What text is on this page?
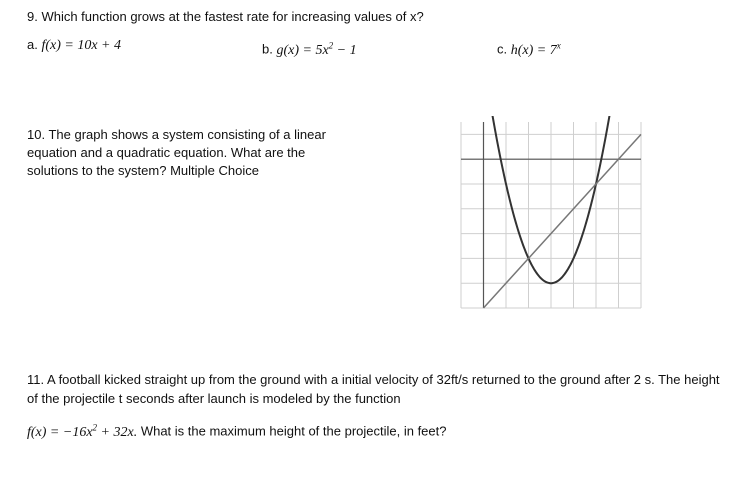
9. Which function grows at the fastest rate for increasing values of x?
a. f(x) = 10x + 4	b. $g(x) = 5x^2 - 1$	c. $h(x) = 7^x$
10. The graph shows a system consisting of a linear equation and a quadratic equation. What are the solutions to the system? Multiple Choice
11. A football kicked straight up from the ground with a initial velocity of 32ft/s returned to the ground after 2 s. The height of the projectile t seconds after launch is modeled by the function
$f(x) = -16x^2 + 32x$. What is the maximum height of the projectile, in feet?
